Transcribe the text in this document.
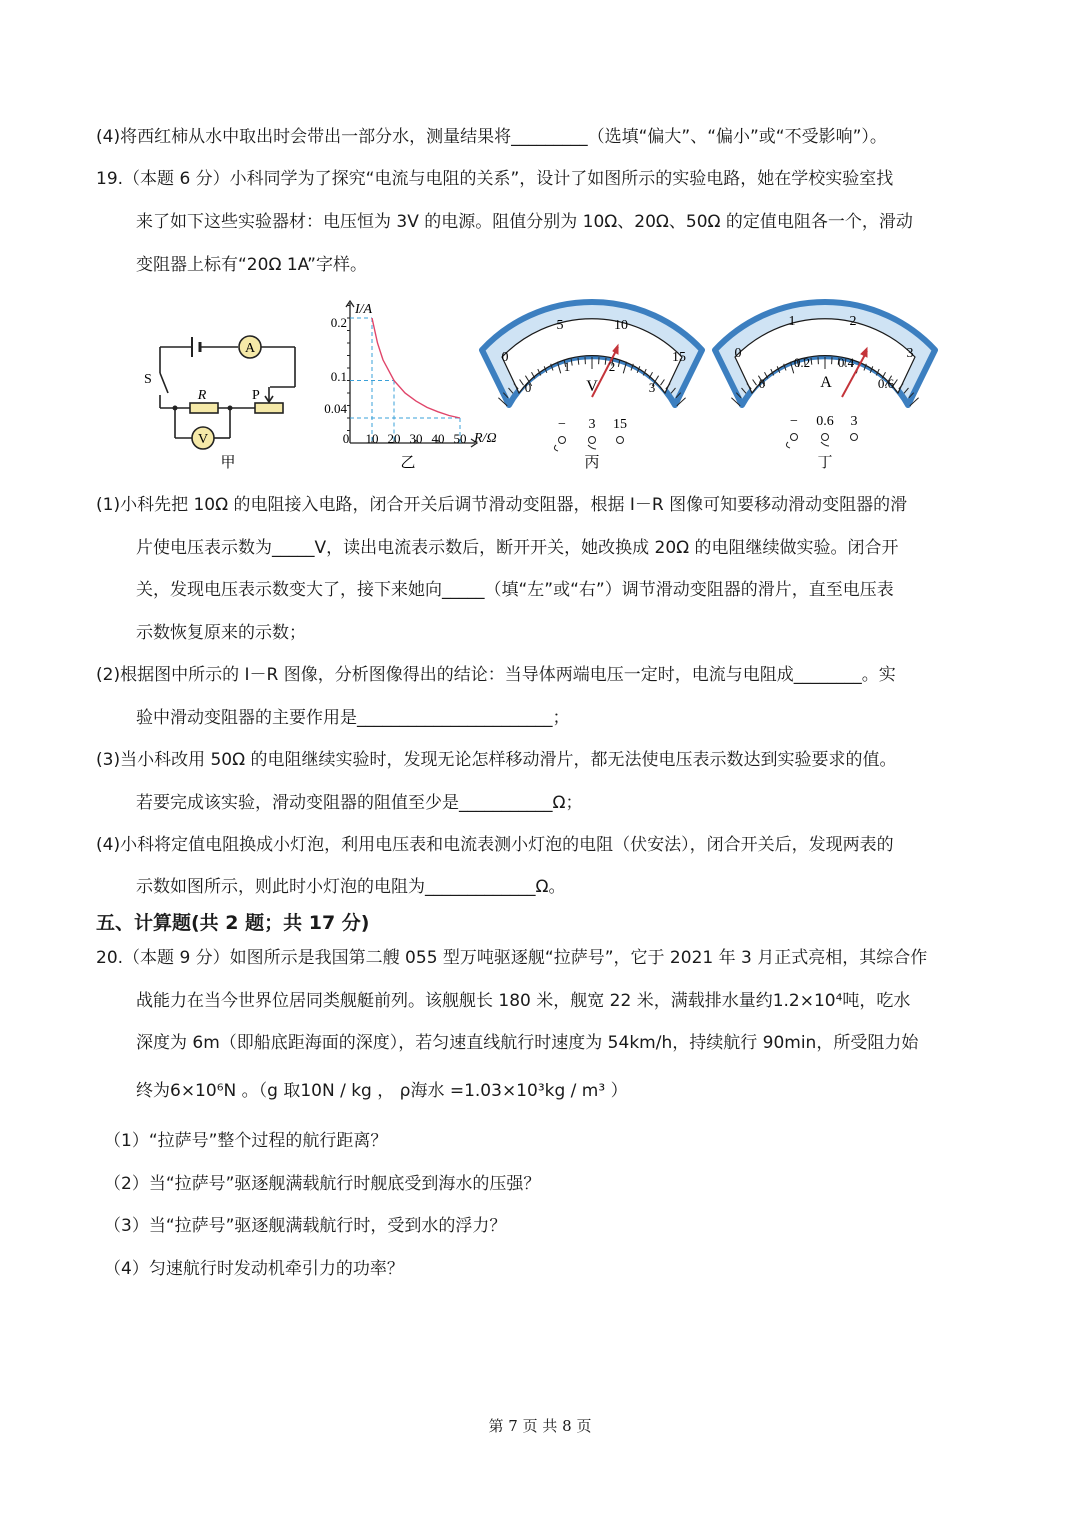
(4)将西红柿从水中取出时会带出一部分水，测量结果将_________（选填“偏大”、“偏小”或“不受影响”）。
19.（本题 6 分）小科同学为了探究“电流与电阻的关系”，设计了如图所示的实验电路，她在学校实验室找
来了如下这些实验器材：电压恒为 3V 的电源。阻值分别为 10Ω、20Ω、50Ω 的定值电阻各一个，滑动
变阻器上标有“20Ω 1A”字样。
A
V
S
R	P
甲
I/A
R/Ω
0.2
0.1
0.04
0 10 20 30 40 50
乙
0
5	10
15
0
1	2
3
V
− 3 15
丙
0
1	2
3
0
0.2 0.4
0.6
A
− 0.6 3
丁
(1)小科先把 10Ω 的电阻接入电路，闭合开关后调节滑动变阻器，根据 I－R 图像可知要移动滑动变阻器的滑
片使电压表示数为_____V，读出电流表示数后，断开开关，她改换成 20Ω 的电阻继续做实验。闭合开
关，发现电压表示数变大了，接下来她向_____（填“左”或“右”）调节滑动变阻器的滑片，直至电压表
示数恢复原来的示数；
(2)根据图中所示的 I－R 图像，分析图像得出的结论：当导体两端电压一定时，电流与电阻成________。实
验中滑动变阻器的主要作用是_______________________；
(3)当小科改用 50Ω 的电阻继续实验时，发现无论怎样移动滑片，都无法使电压表示数达到实验要求的值。
若要完成该实验，滑动变阻器的阻值至少是___________Ω；
(4)小科将定值电阻换成小灯泡，利用电压表和电流表测小灯泡的电阻（伏安法），闭合开关后，发现两表的
示数如图所示，则此时小灯泡的电阻为_____________Ω。
五、计算题(共 2 题；共 17 分)
20.（本题 9 分）如图所示是我国第二艘 055 型万吨驱逐舰“拉萨号”，它于 2021 年 3 月正式亮相，其综合作
战能力在当今世界位居同类舰艇前列。该舰舰长 180 米，舰宽 22 米，满载排水量约1.2×10⁴吨，吃水
深度为 6m（即船底距海面的深度），若匀速直线航行时速度为 54km/h，持续航行 90min，所受阻力始
终为6×10⁶N 。（g 取10N / kg ， ρ海水 =1.03×10³kg / m³ ）
（1）“拉萨号”整个过程的航行距离？
（2）当“拉萨号”驱逐舰满载航行时舰底受到海水的压强？
（3）当“拉萨号”驱逐舰满载航行时，受到水的浮力？
（4）匀速航行时发动机牵引力的功率？
第 7 页 共 8 页
